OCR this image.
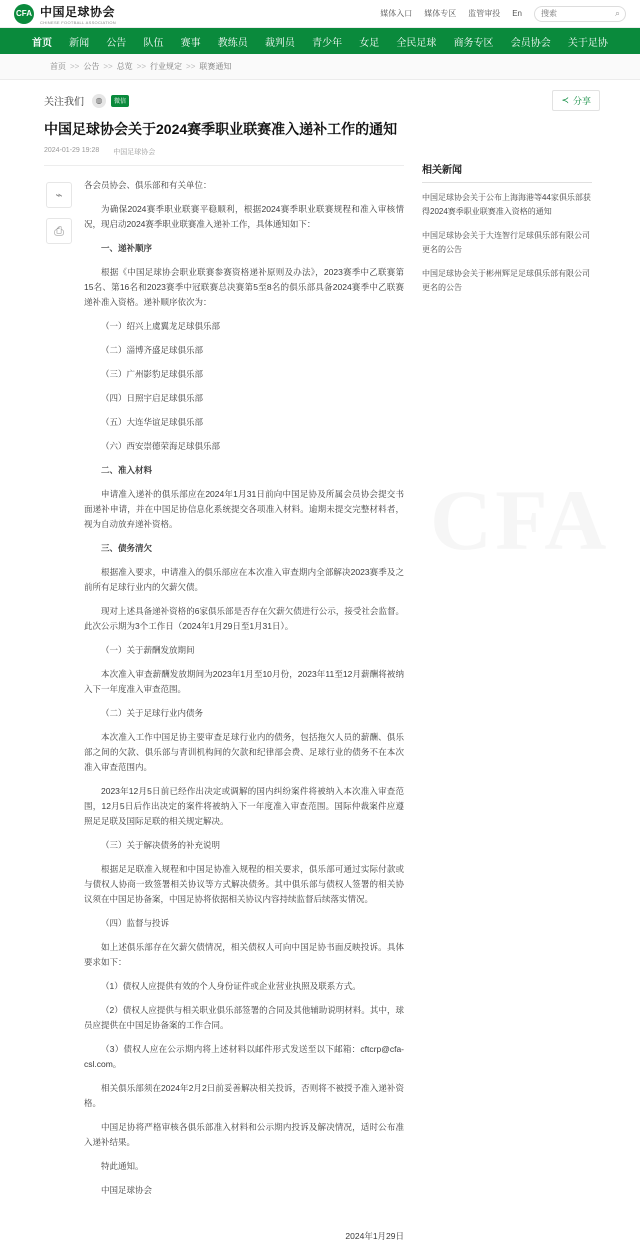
CFA 中国足球协会
CHINESE FOOTBALL ASSOCIATION
媒体入口 媒体专区 监管审投 En
搜索	⌕
首页 新闻 公告 队伍 赛事 教练员 裁判员 青少年 女足 全民足球 商务专区 会员协会 关于足协
首页 >> 公告 >> 总览 >> 行业规定 >> 联赛通知
关注我们	◍	微信	≺ 分享
中国足球协会关于2024赛季职业联赛准入递补工作的通知
2024-01-29 19:28 中国足球协会
⌁
⎙

各会员协会、俱乐部和有关单位：

为确保2024赛季职业联赛平稳顺利，根据2024赛季职业联赛规程和准入审核情况，现启动2024赛季职业联赛准入递补工作，具体通知如下：

一、递补顺序

根据《中国足球协会职业联赛参赛资格递补原则及办法》，2023赛季中乙联赛第15名、第16名和2023赛季中冠联赛总决赛第5至8名的俱乐部具备2024赛季中乙联赛递补准入资格。递补顺序依次为：

（一）绍兴上虞翼龙足球俱乐部

（二）淄博齐盛足球俱乐部

（三）广州影豹足球俱乐部

（四）日照宇启足球俱乐部

（五）大连华谊足球俱乐部

（六）西安崇德荣海足球俱乐部

二、准入材料

申请准入递补的俱乐部应在2024年1月31日前向中国足协及所属会员协会提交书面递补申请，并在中国足协信息化系统提交各项准入材料。逾期未提交完整材料者，视为自动放弃递补资格。

三、债务清欠

根据准入要求，申请准入的俱乐部应在本次准入审查期内全部解决2023赛季及之前所有足球行业内的欠薪欠债。

现对上述具备递补资格的6家俱乐部是否存在欠薪欠债进行公示，接受社会监督。此次公示期为3个工作日（2024年1月29日至1月31日）。

（一）关于薪酬发放期间

本次准入审查薪酬发放期间为2023年1月至10月份，2023年11至12月薪酬将被纳入下一年度准入审查范围。

（二）关于足球行业内债务

本次准入工作中国足协主要审查足球行业内的债务，包括拖欠人员的薪酬、俱乐部之间的欠款、俱乐部与青训机构间的欠款和纪律部会费、足球行业的债务不在本次准入审查范围内。

2023年12月5日前已经作出决定或调解的国内纠纷案件将被纳入本次准入审查范围，12月5日后作出决定的案件将被纳入下一年度准入审查范围。国际仲裁案件应遵照足足联及国际足联的相关规定解决。

（三）关于解决债务的补充说明

根据足足联准入规程和中国足协准入规程的相关要求，俱乐部可通过实际付款或与债权人协商一致签署相关协议等方式解决债务。其中俱乐部与债权人签署的相关协议须在中国足协备案，中国足协将依据相关协议内容持续监督后续落实情况。

（四）监督与投诉

如上述俱乐部存在欠薪欠债情况，相关债权人可向中国足协书面反映投诉。具体要求如下：

（1）债权人应提供有效的个人身份证件或企业营业执照及联系方式。

（2）债权人应提供与相关职业俱乐部签署的合同及其他辅助说明材料。其中，球员应提供在中国足协备案的工作合同。

（3）债权人应在公示期内将上述材料以邮件形式发送至以下邮箱：cftcrp@cfa-csl.com。

相关俱乐部须在2024年2月2日前妥善解决相关投诉，否则将不被授予准入递补资格。

中国足协将严格审核各俱乐部准入材料和公示期内投诉及解决情况，适时公布准入递补结果。

特此通知。

中国足球协会

2024年1月29日

相关新闻
中国足球协会关于公布上海海港等44家俱乐部获得2024赛季职业联赛准入资格的通知
中国足球协会关于大连智行足球俱乐部有限公司更名的公告
中国足球协会关于彬州辉足足球俱乐部有限公司更名的公告
